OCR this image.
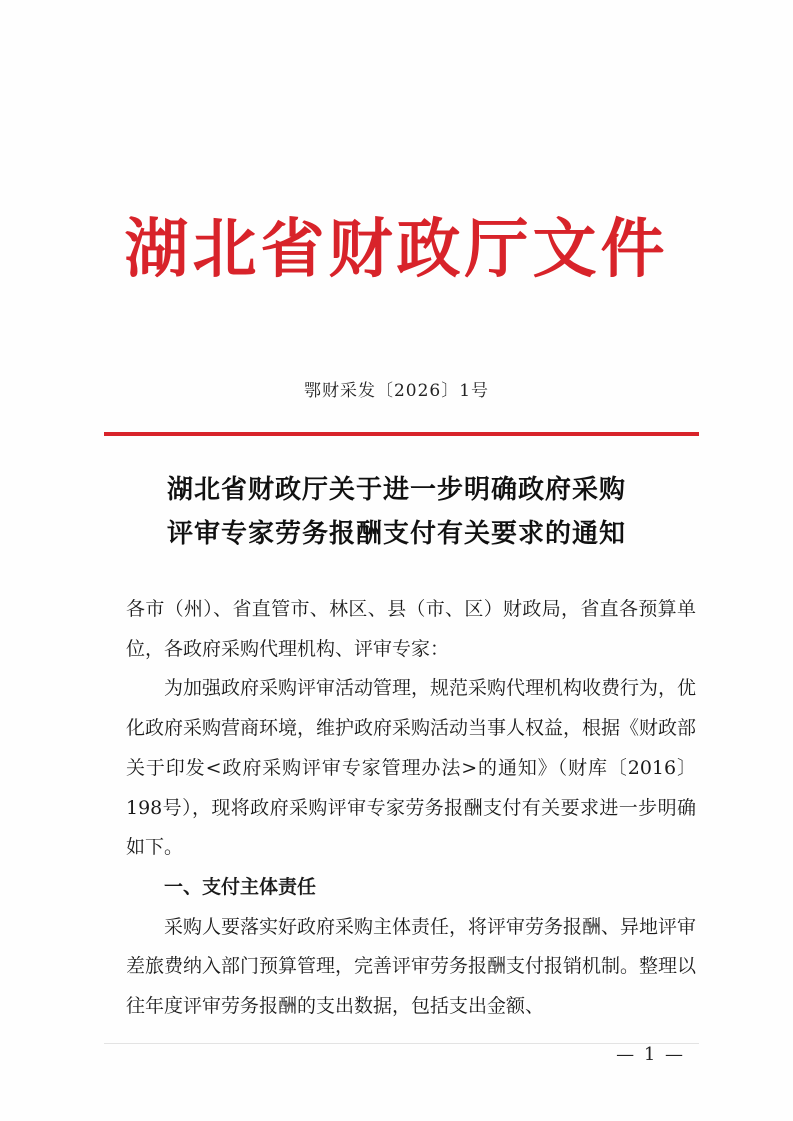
湖北省财政厅文件
鄂财采发〔2026〕1号
湖北省财政厅关于进一步明确政府采购
评审专家劳务报酬支付有关要求的通知

各市（州）、省直管市、林区、县（市、区）财政局，省直各预算单位，各政府采购代理机构、评审专家：

为加强政府采购评审活动管理，规范采购代理机构收费行为，优化政府采购营商环境，维护政府采购活动当事人权益，根据《财政部关于印发<政府采购评审专家管理办法>的通知》（财库〔2016〕198号），现将政府采购评审专家劳务报酬支付有关要求进一步明确如下。

一、支付主体责任

采购人要落实好政府采购主体责任，将评审劳务报酬、异地评审差旅费纳入部门预算管理，完善评审劳务报酬支付报销机制。整理以往年度评审劳务报酬的支出数据，包括支出金额、

— 1 —
